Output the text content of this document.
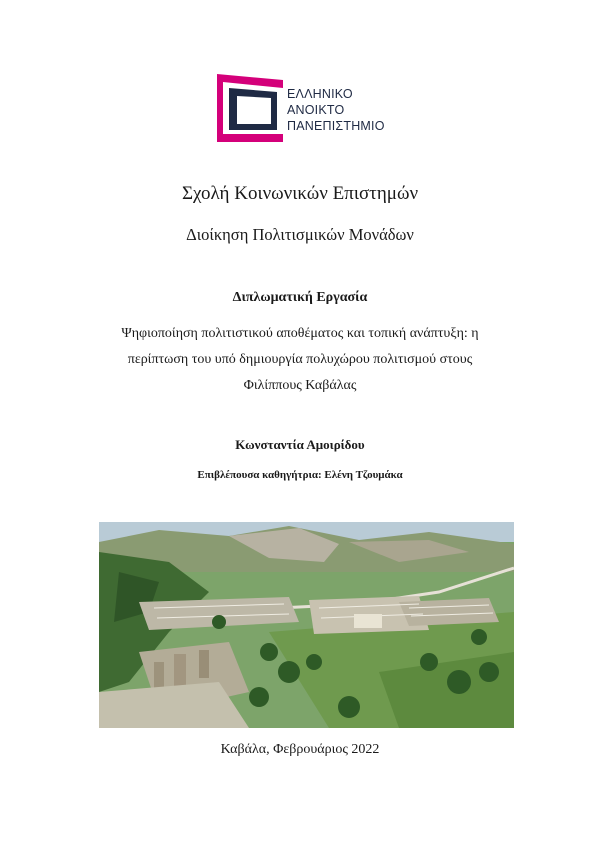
ΕΛΛΗΝΙΚΟ
ΑΝΟΙΚΤΟ
ΠΑΝΕΠΙΣΤΗΜΙΟ
Σχολή Κοινωνικών Επιστημών
Διοίκηση Πολιτισμικών Μονάδων
Διπλωματική Εργασία
Ψηφιοποίηση πολιτιστικού αποθέματος και τοπική ανάπτυξη: η περίπτωση του υπό δημιουργία πολυχώρου πολιτισμού στους Φιλίππους Καβάλας
Κωνσταντία Αμοιρίδου
Επιβλέπουσα καθηγήτρια: Ελένη Τζουμάκα
Καβάλα, Φεβρουάριος 2022
